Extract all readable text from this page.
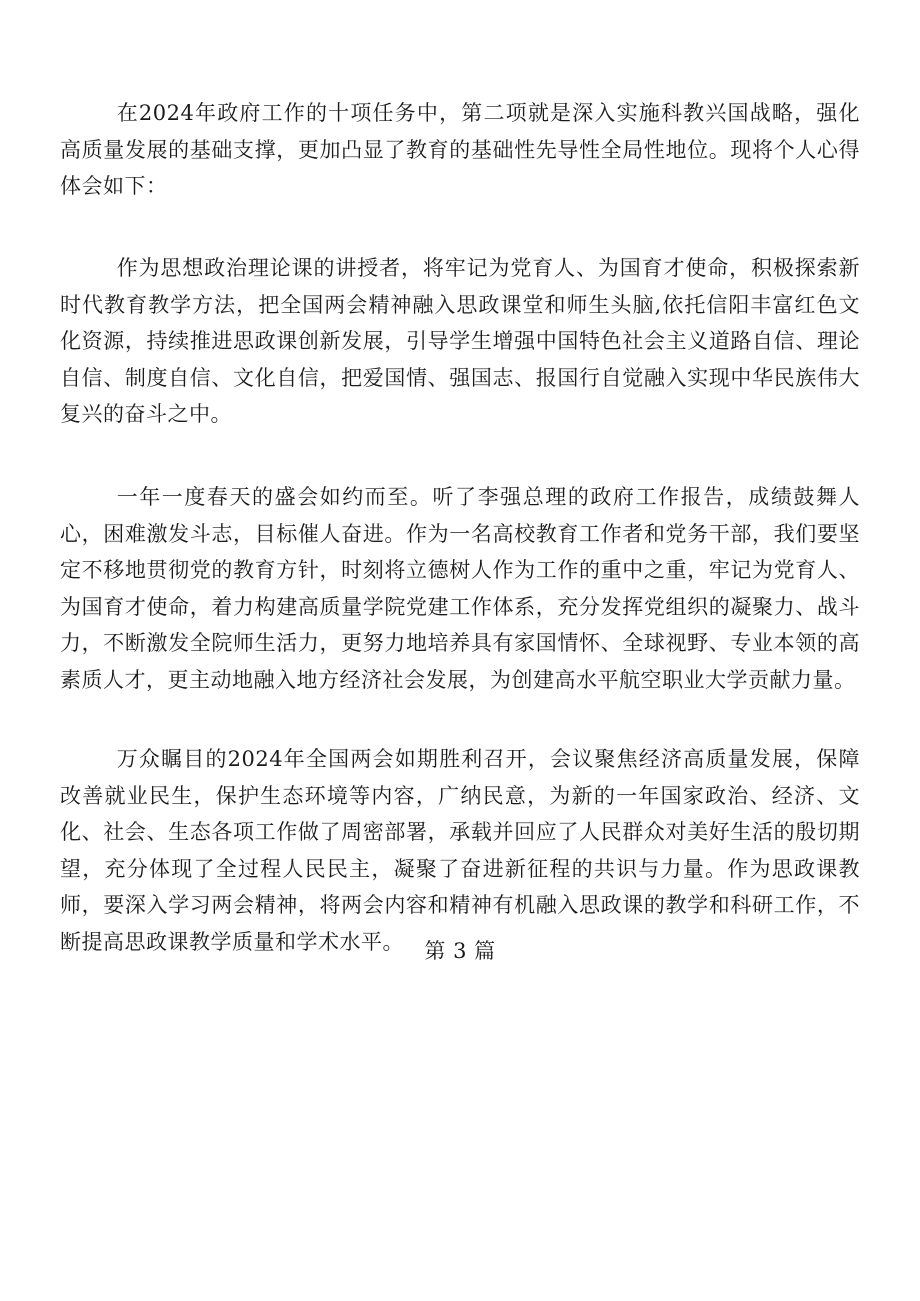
在2024年政府工作的十项任务中，第二项就是深入实施科教兴国战略，强化高质量发展的基础支撑，更加凸显了教育的基础性先导性全局性地位。现将个人心得体会如下：

作为思想政治理论课的讲授者，将牢记为党育人、为国育才使命，积极探索新时代教育教学方法，把全国两会精神融入思政课堂和师生头脑,依托信阳丰富红色文化资源，持续推进思政课创新发展，引导学生增强中国特色社会主义道路自信、理论自信、制度自信、文化自信，把爱国情、强国志、报国行自觉融入实现中华民族伟大复兴的奋斗之中。

一年一度春天的盛会如约而至。听了李强总理的政府工作报告，成绩鼓舞人心，困难激发斗志，目标催人奋进。作为一名高校教育工作者和党务干部，我们要坚定不移地贯彻党的教育方针，时刻将立德树人作为工作的重中之重，牢记为党育人、为国育才使命，着力构建高质量学院党建工作体系，充分发挥党组织的凝聚力、战斗力，不断激发全院师生活力，更努力地培养具有家国情怀、全球视野、专业本领的高素质人才，更主动地融入地方经济社会发展，为创建高水平航空职业大学贡献力量。

万众瞩目的2024年全国两会如期胜利召开，会议聚焦经济高质量发展，保障改善就业民生，保护生态环境等内容，广纳民意，为新的一年国家政治、经济、文化、社会、生态各项工作做了周密部署，承载并回应了人民群众对美好生活的殷切期望，充分体现了全过程人民民主，凝聚了奋进新征程的共识与力量。作为思政课教师，要深入学习两会精神，将两会内容和精神有机融入思政课的教学和科研工作，不断提高思政课教学质量和学术水平。 第 3 篇
